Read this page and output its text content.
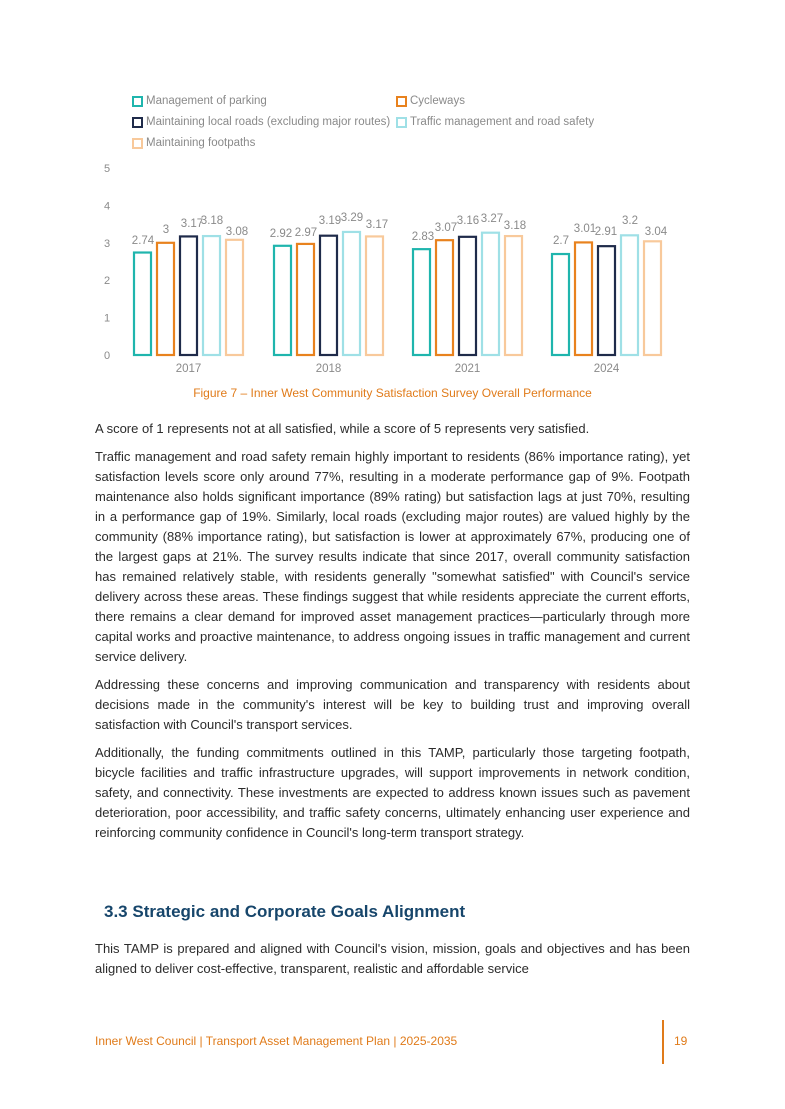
Management of parking	Cycleways
Maintaining local roads (excluding major routes) Traffic management and road safety
Maintaining footpaths
0
1
2
3
4
5
2017	2018	2021	2024
2.74
3 3.17
3.18
3.08 2.92 2.97
3.19 3.29
3.17
2.83
3.07
3.16 3.27
3.18
2.7
3.01
2.91
3.2
3.04
Figure 7 – Inner West Community Satisfaction Survey Overall Performance

A score of 1 represents not at all satisfied, while a score of 5 represents very satisfied.

Traffic management and road safety remain highly important to residents (86% importance rating), yet satisfaction levels score only around 77%, resulting in a moderate performance gap of 9%. Footpath maintenance also holds significant importance (89% rating) but satisfaction lags at just 70%, resulting in a performance gap of 19%. Similarly, local roads (excluding major routes) are valued highly by the community (88% importance rating), but satisfaction is lower at approximately 67%, producing one of the largest gaps at 21%. The survey results indicate that since 2017, overall community satisfaction has remained relatively stable, with residents generally "somewhat satisfied" with Council's service delivery across these areas. These findings suggest that while residents appreciate the current efforts, there remains a clear demand for improved asset management practices—particularly through more capital works and proactive maintenance, to address ongoing issues in traffic management and current service delivery.

Addressing these concerns and improving communication and transparency with residents about decisions made in the community's interest will be key to building trust and improving overall satisfaction with Council's transport services.

Additionally, the funding commitments outlined in this TAMP, particularly those targeting footpath, bicycle facilities and traffic infrastructure upgrades, will support improvements in network condition, safety, and connectivity. These investments are expected to address known issues such as pavement deterioration, poor accessibility, and traffic safety concerns, ultimately enhancing user experience and reinforcing community confidence in Council's long-term transport strategy.

3.3 Strategic and Corporate Goals Alignment

This TAMP is prepared and aligned with Council's vision, mission, goals and objectives and has been aligned to deliver cost-effective, transparent, realistic and affordable service

Inner West Council | Transport Asset Management Plan | 2025-2035	19
